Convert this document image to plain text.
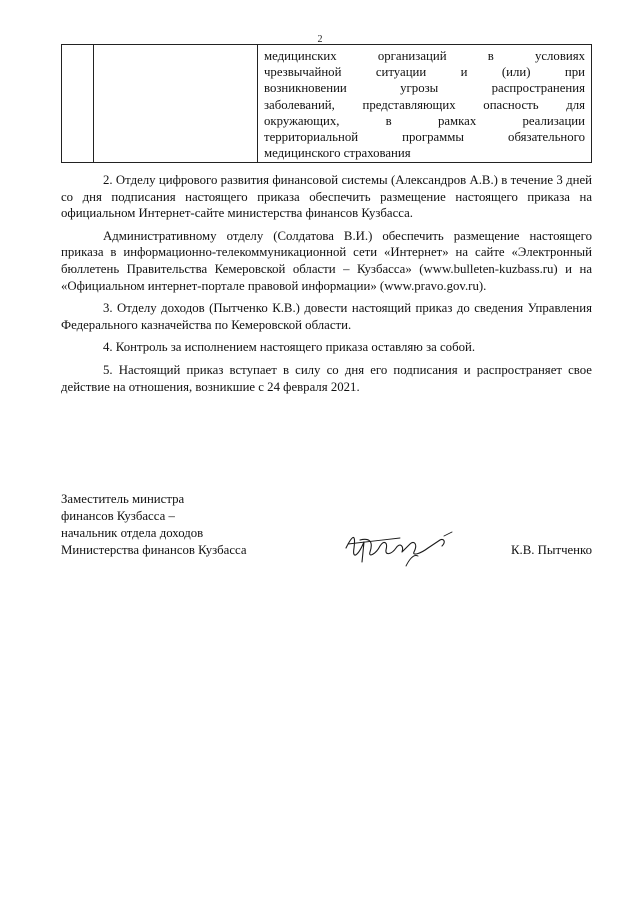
2

медицинских организаций в условиях
чрезвычайной ситуации и (или) при
возникновении угрозы распространения
заболеваний, представляющих опасность для
окружающих, в рамках реализации
территориальной программы обязательного
медицинского страхования

2. Отделу цифрового развития финансовой системы (Александров А.В.) в течение 3 дней со дня подписания настоящего приказа обеспечить размещение настоящего приказа на официальном Интернет-сайте министерства финансов Кузбасса.

Административному отделу (Солдатова В.И.) обеспечить размещение настоящего приказа в информационно-телекоммуникационной сети «Интернет» на сайте «Электронный бюллетень Правительства Кемеровской области – Кузбасса» (www.bulleten-kuzbass.ru) и на «Официальном интернет-портале правовой информации» (www.pravo.gov.ru).

3. Отделу доходов (Пытченко К.В.) довести настоящий приказ до сведения Управления Федерального казначейства по Кемеровской области.

4. Контроль за исполнением настоящего приказа оставляю за собой.

5. Настоящий приказ вступает в силу со дня его подписания и распространяет свое действие на отношения, возникшие с 24 февраля 2021.

Заместитель министра
финансов Кузбасса –
начальник отдела доходов
Министерства финансов Кузбасса	К.В. Пытченко
